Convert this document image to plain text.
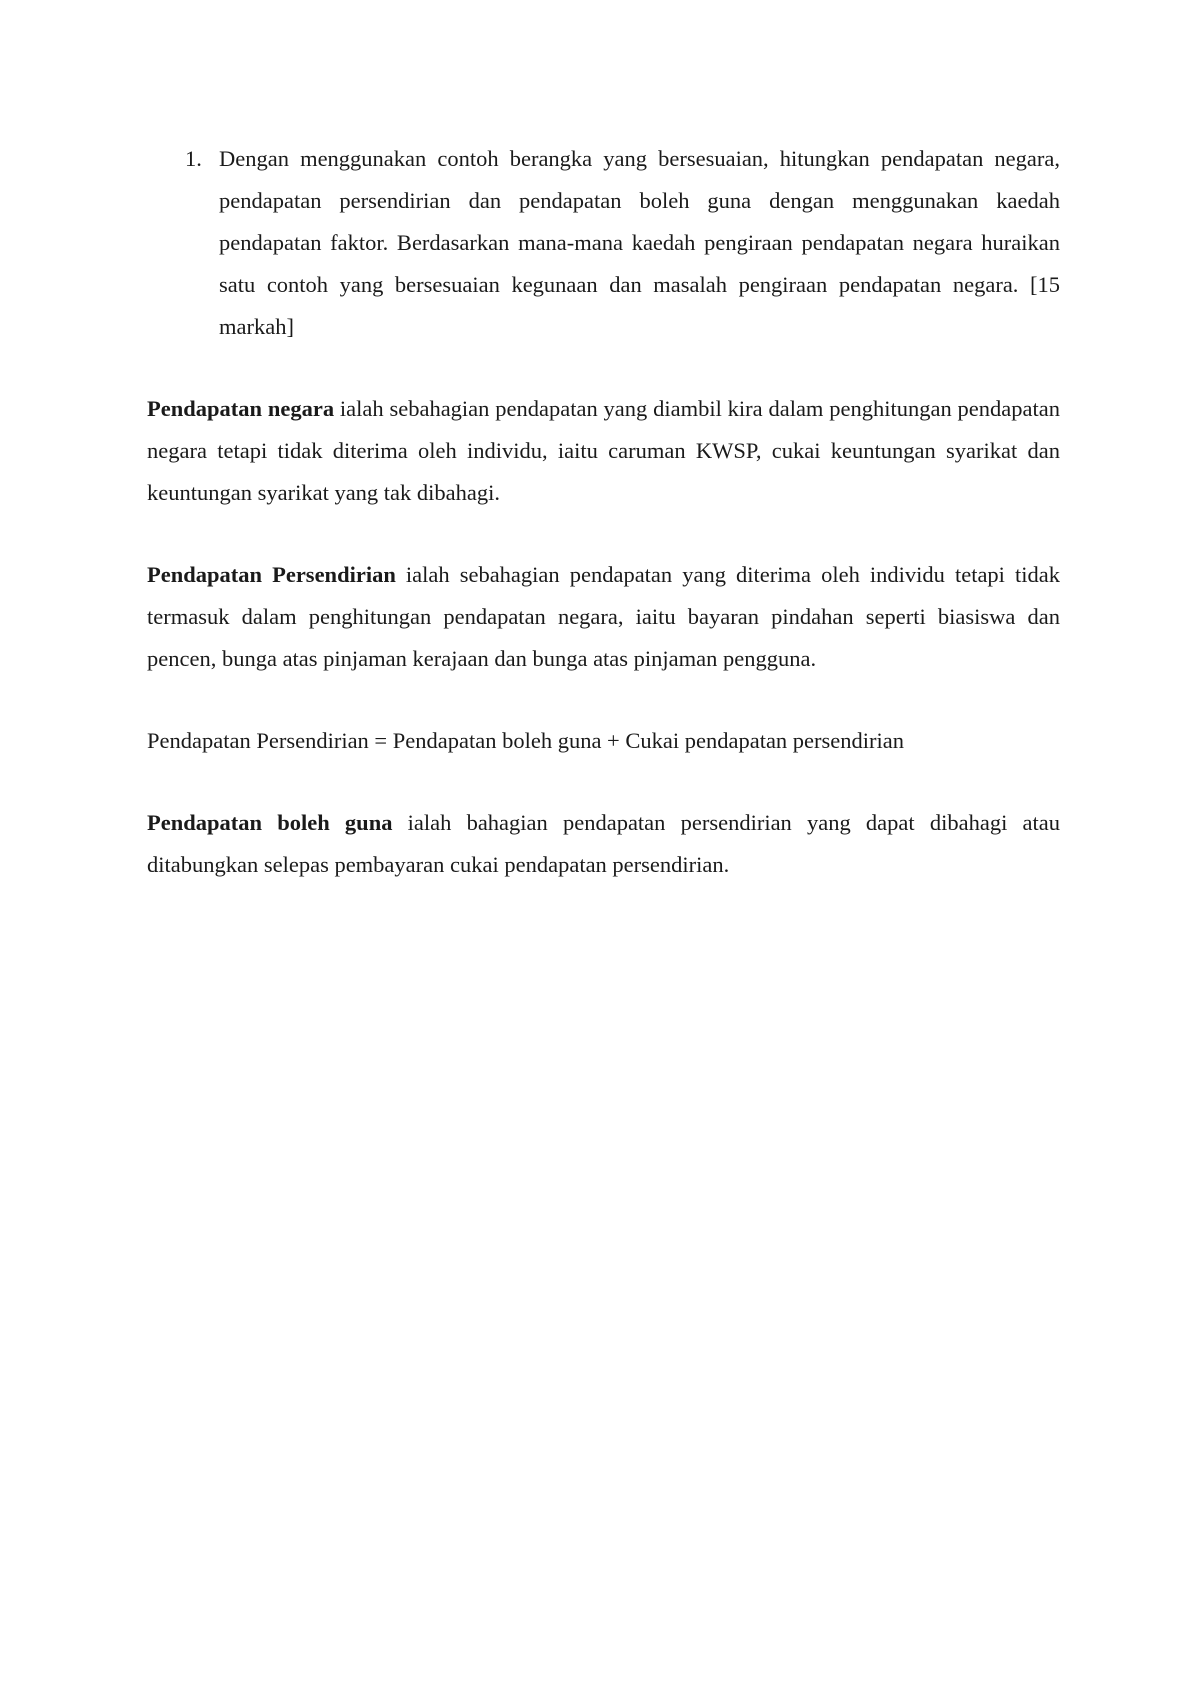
1. Dengan menggunakan contoh berangka yang bersesuaian, hitungkan pendapatan negara, pendapatan persendirian dan pendapatan boleh guna dengan menggunakan kaedah pendapatan faktor. Berdasarkan mana-mana kaedah pengiraan pendapatan negara huraikan satu contoh yang bersesuaian kegunaan dan masalah pengiraan pendapatan negara. [15 markah]

Pendapatan negara ialah sebahagian pendapatan yang diambil kira dalam penghitungan pendapatan negara tetapi tidak diterima oleh individu, iaitu caruman KWSP, cukai keuntungan syarikat dan keuntungan syarikat yang tak dibahagi.

Pendapatan Persendirian ialah sebahagian pendapatan yang diterima oleh individu tetapi tidak termasuk dalam penghitungan pendapatan negara, iaitu bayaran pindahan seperti biasiswa dan pencen, bunga atas pinjaman kerajaan dan bunga atas pinjaman pengguna.

Pendapatan Persendirian = Pendapatan boleh guna + Cukai pendapatan persendirian

Pendapatan boleh guna ialah bahagian pendapatan persendirian yang dapat dibahagi atau ditabungkan selepas pembayaran cukai pendapatan persendirian.
